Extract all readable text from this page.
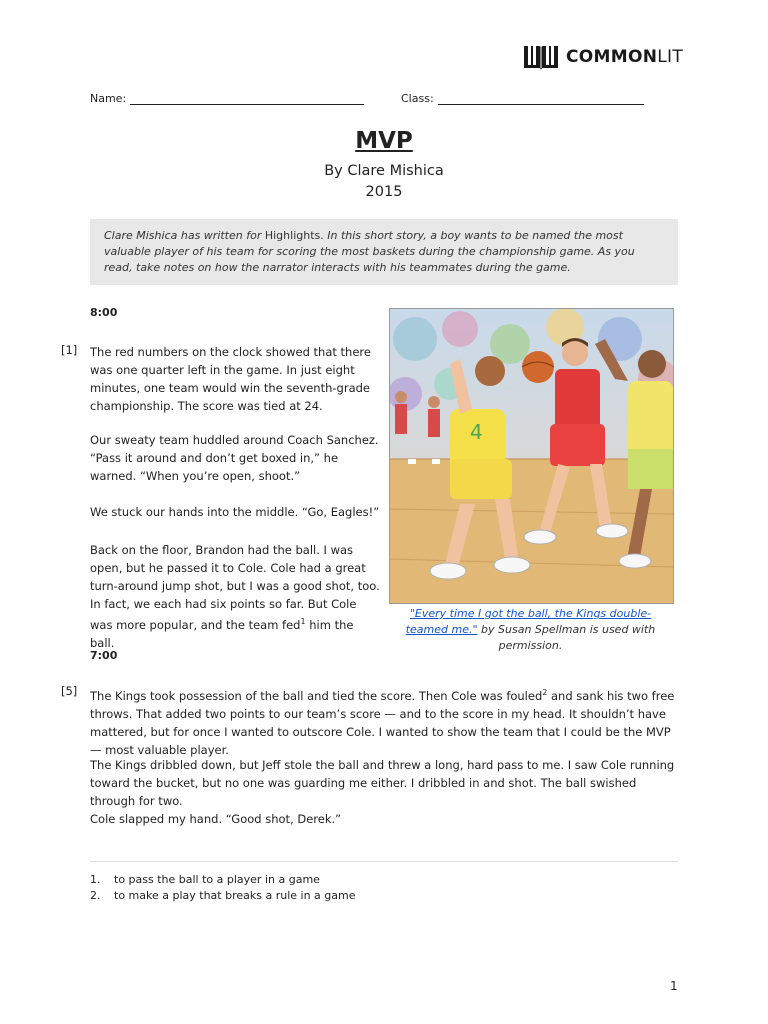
COMMONLIT
Name:	Class:
MVP
By Clare Mishica
2015
Clare Mishica has written for Highlights. In this short story, a boy wants to be named the most valuable player of his team for scoring the most baskets during the championship game. As you read, take notes on how the narrator interacts with his teammates during the game.
8:00
[1] The red numbers on the clock showed that there was one quarter left in the game. In just eight minutes, one team would win the seventh-grade championship. The score was tied at 24.
Our sweaty team huddled around Coach Sanchez. “Pass it around and don’t get boxed in,” he warned. “When you’re open, shoot.”
We stuck our hands into the middle. “Go, Eagles!”
Back on the floor, Brandon had the ball. I was open, but he passed it to Cole. Cole had a great turn-around jump shot, but I was a good shot, too. In fact, we each had six points so far. But Cole was more popular, and the team fed$^1$ him the ball.
4
"Every time I got the ball, the Kings double-teamed me." by Susan Spellman is used with permission.
7:00
[5] The Kings took possession of the ball and tied the score. Then Cole was fouled$^2$ and sank his two free throws. That added two points to our team’s score — and to the score in my head. It shouldn’t have mattered, but for once I wanted to outscore Cole. I wanted to show the team that I could be the MVP — most valuable player.
The Kings dribbled down, but Jeff stole the ball and threw a long, hard pass to me. I saw Cole running toward the bucket, but no one was guarding me either. I dribbled in and shot. The ball swished through for two.
Cole slapped my hand. “Good shot, Derek.”
1.	to pass the ball to a player in a game
2.	to make a play that breaks a rule in a game
1
